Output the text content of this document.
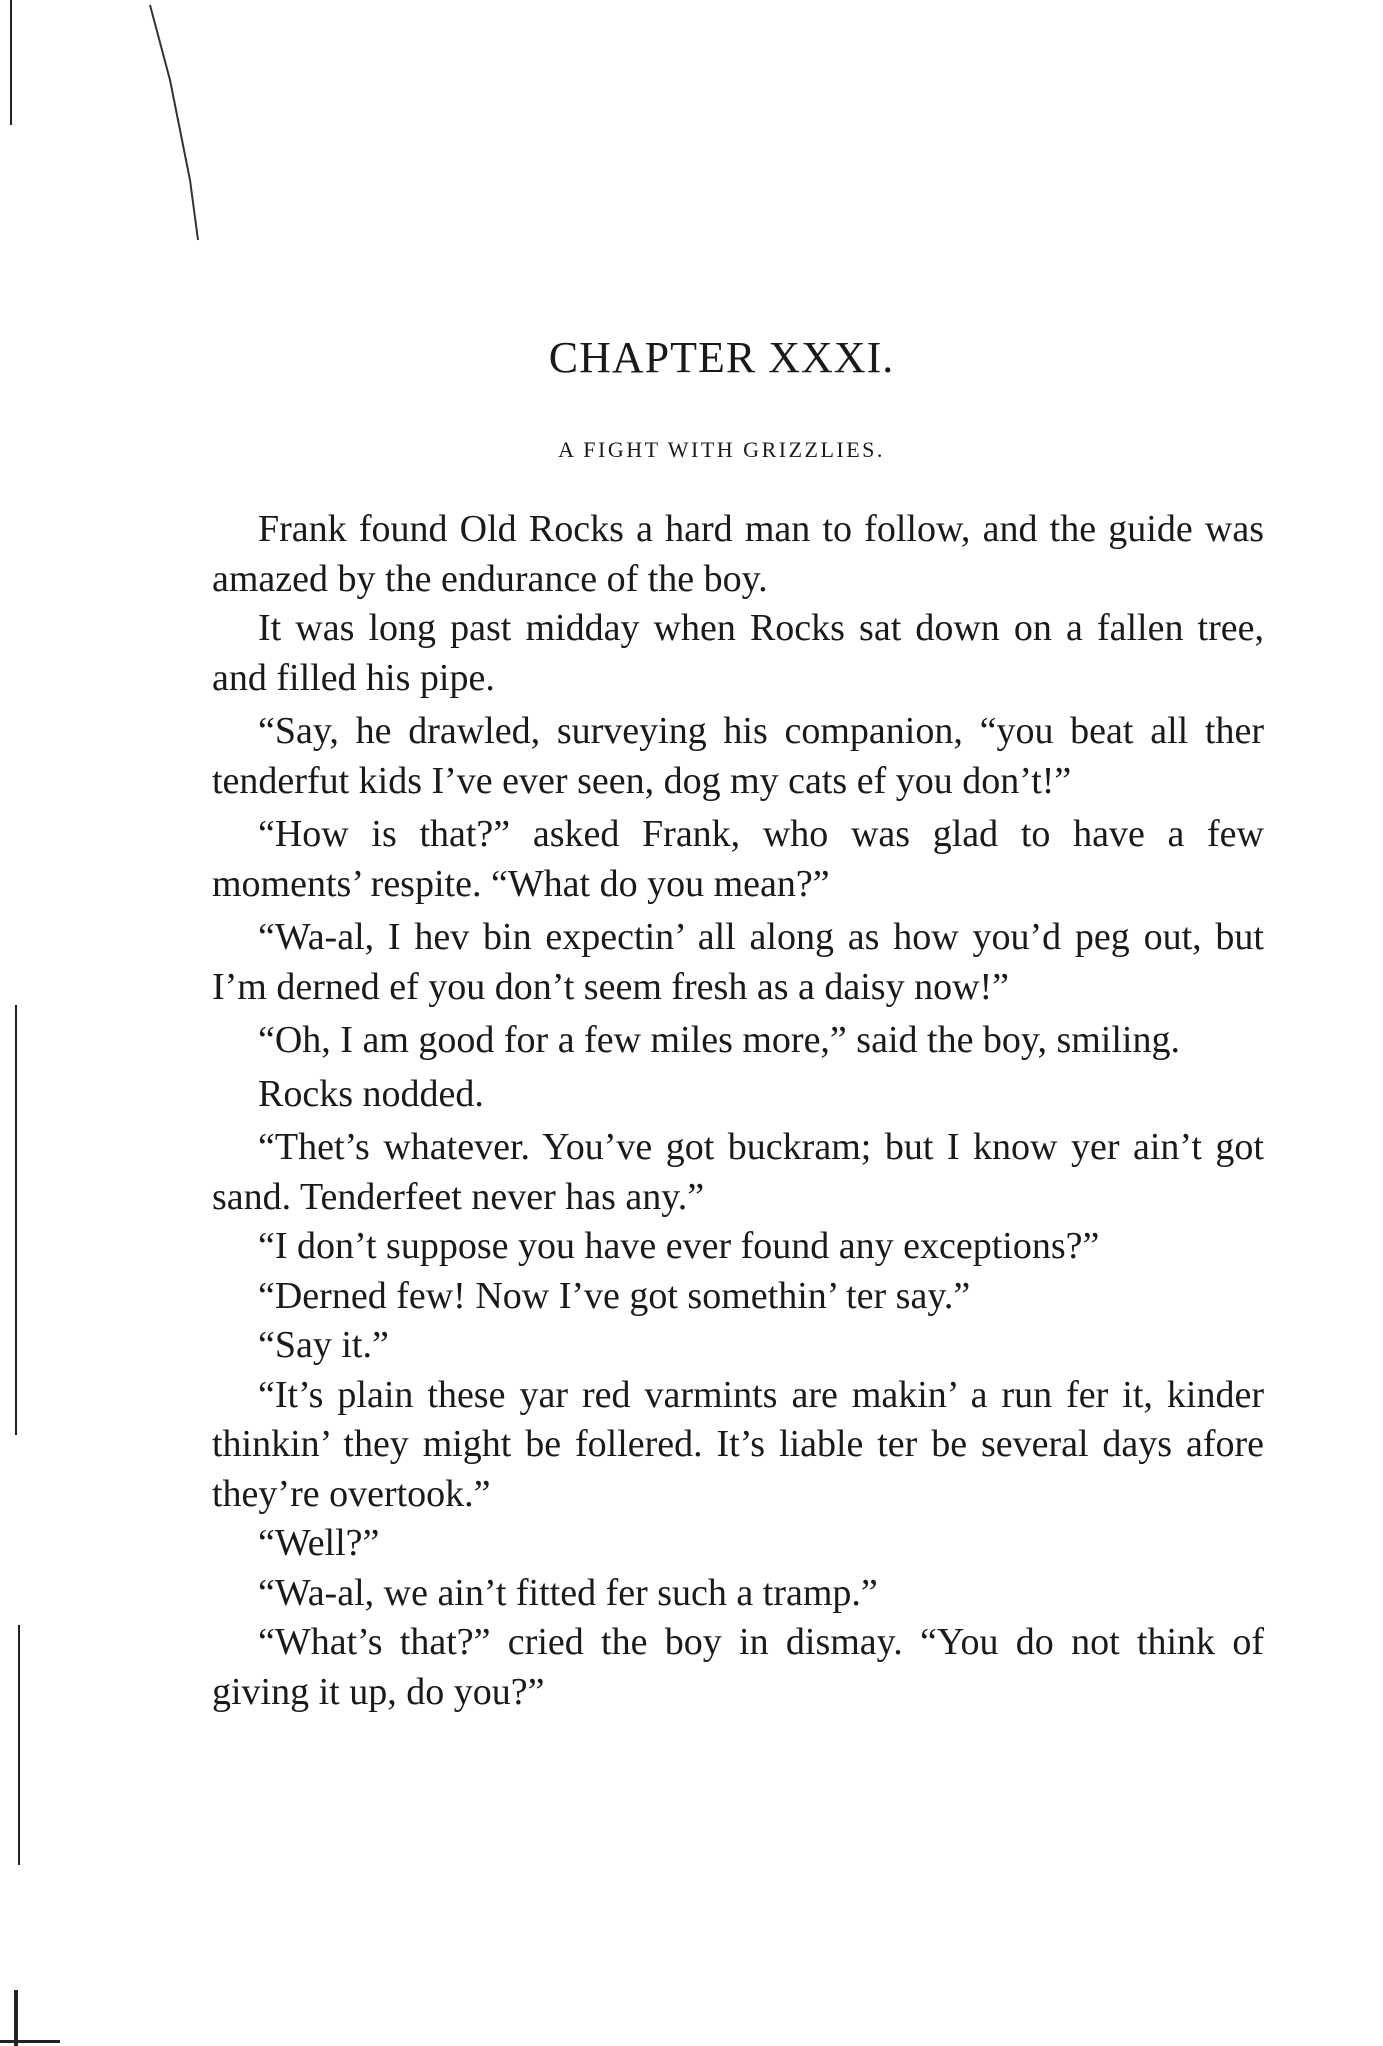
CHAPTER XXXI.
A FIGHT WITH GRIZZLIES.

Frank found Old Rocks a hard man to follow, and the guide was amazed by the endurance of the boy.

It was long past midday when Rocks sat down on a fallen tree, and filled his pipe.

“Say, he drawled, surveying his companion, “you beat all ther tenderfut kids I’ve ever seen, dog my cats ef you don’t!”

“How is that?” asked Frank, who was glad to have a few moments’ respite. “What do you mean?”

“Wa-al, I hev bin expectin’ all along as how you’d peg out, but I’m derned ef you don’t seem fresh as a daisy now!”

“Oh, I am good for a few miles more,” said the boy, smiling.

Rocks nodded.

“Thet’s whatever. You’ve got buckram; but I know yer ain’t got sand. Tenderfeet never has any.”

“I don’t suppose you have ever found any exceptions?”

“Derned few! Now I’ve got somethin’ ter say.”

“Say it.”

“It’s plain these yar red varmints are makin’ a run fer it, kinder thinkin’ they might be follered. It’s liable ter be several days afore they’re overtook.”

“Well?”

“Wa-al, we ain’t fitted fer such a tramp.”

“What’s that?” cried the boy in dismay. “You do not think of giving it up, do you?”
